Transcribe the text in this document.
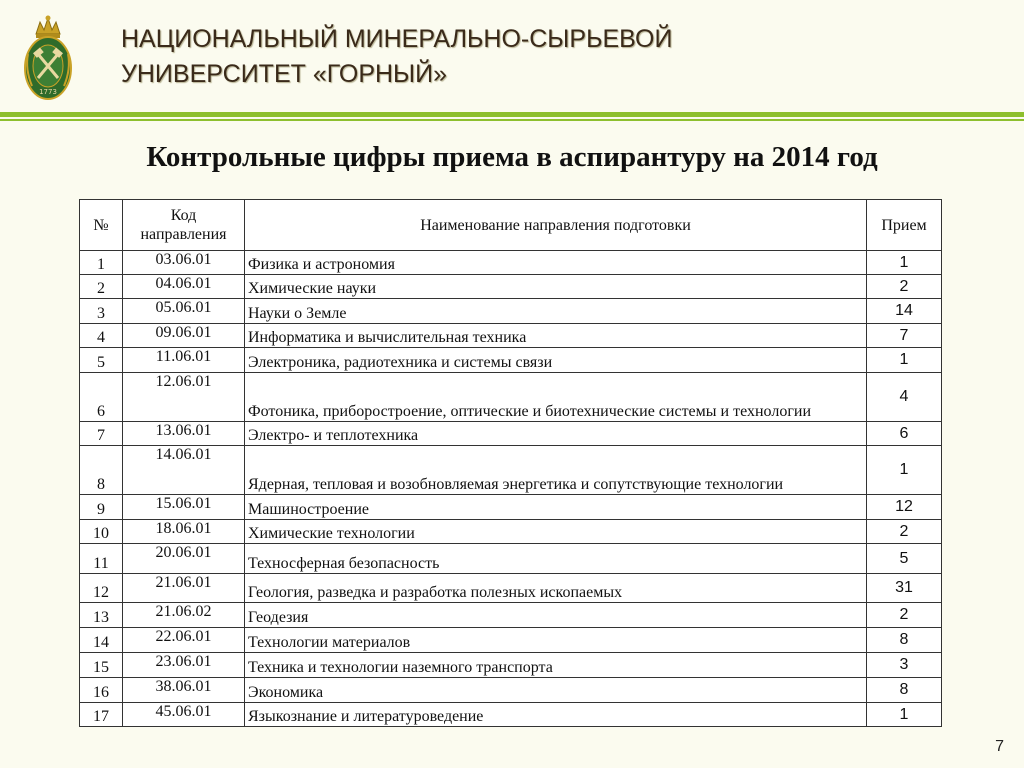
1773
НАЦИОНАЛЬНЫЙ МИНЕРАЛЬНО-СЫРЬЕВОЙ
УНИВЕРСИТЕТ «ГОРНЫЙ»
Контрольные цифры приема в аспирантуру на 2014 год
№	Код направления	Наименование направления подготовки	Прием
1	03.06.01	Физика и астрономия	1
2	04.06.01	Химические науки	2
3	05.06.01	Науки о Земле	14
4	09.06.01	Информатика и вычислительная техника	7
5	11.06.01	Электроника, радиотехника и системы связи	1
6	12.06.01	Фотоника, приборостроение, оптические и биотехнические системы и технологии	4
7	13.06.01	Электро- и теплотехника	6
8	14.06.01	Ядерная, тепловая и возобновляемая энергетика и сопутствующие технологии	1
9	15.06.01	Машиностроение	12
10	18.06.01	Химические технологии	2
11	20.06.01	Техносферная безопасность	5
12	21.06.01	Геология, разведка и разработка полезных ископаемых	31
13	21.06.02	Геодезия	2
14	22.06.01	Технологии материалов	8
15	23.06.01	Техника и технологии наземного транспорта	3
16	38.06.01	Экономика	8
17	45.06.01	Языкознание и литературоведение	1
7
